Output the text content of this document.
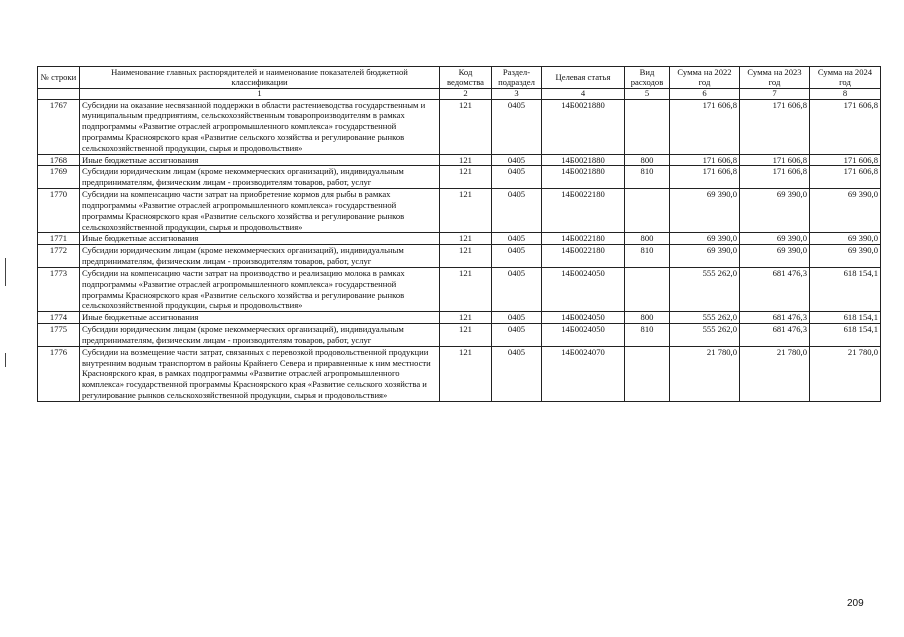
№ строки	Наименование главных распорядителей и наименование показателей бюджетной классификации	Код ведомства	Раздел-подраздел	Целевая статья	Вид расходов	Сумма на 2022 год	Сумма на 2023 год	Сумма на 2024 год
	1	2	3	4	5	6	7	8
1767	Субсидии на оказание несвязанной поддержки в области растениеводства государственным и муниципальным предприятиям, сельскохозяйственным товаропроизводителям в рамках подпрограммы «Развитие отраслей агропромышленного комплекса» государственной программы Красноярского края «Развитие сельского хозяйства и регулирование рынков сельскохозяйственной продукции, сырья и продовольствия»	121	0405	14Б0021880		171 606,8	171 606,8	171 606,8
1768	Иные бюджетные ассигнования	121	0405	14Б0021880	800	171 606,8	171 606,8	171 606,8
1769	Субсидии юридическим лицам (кроме некоммерческих организаций), индивидуальным предпринимателям, физическим лицам - производителям товаров, работ, услуг	121	0405	14Б0021880	810	171 606,8	171 606,8	171 606,8
1770	Субсидии на компенсацию части затрат на приобретение кормов для рыбы в рамках подпрограммы «Развитие отраслей агропромышленного комплекса» государственной программы Красноярского края «Развитие сельского хозяйства и регулирование рынков сельскохозяйственной продукции, сырья и продовольствия»	121	0405	14Б0022180		69 390,0	69 390,0	69 390,0
1771	Иные бюджетные ассигнования	121	0405	14Б0022180	800	69 390,0	69 390,0	69 390,0
1772	Субсидии юридическим лицам (кроме некоммерческих организаций), индивидуальным предпринимателям, физическим лицам - производителям товаров, работ, услуг	121	0405	14Б0022180	810	69 390,0	69 390,0	69 390,0
1773	Субсидии на компенсацию части затрат на производство и реализацию молока в рамках подпрограммы «Развитие отраслей агропромышленного комплекса» государственной программы Красноярского края «Развитие сельского хозяйства и регулирование рынков сельскохозяйственной продукции, сырья и продовольствия»	121	0405	14Б0024050		555 262,0	681 476,3	618 154,1
1774	Иные бюджетные ассигнования	121	0405	14Б0024050	800	555 262,0	681 476,3	618 154,1
1775	Субсидии юридическим лицам (кроме некоммерческих организаций), индивидуальным предпринимателям, физическим лицам - производителям товаров, работ, услуг	121	0405	14Б0024050	810	555 262,0	681 476,3	618 154,1
1776	Субсидии на возмещение части затрат, связанных с перевозкой продовольственной продукции внутренним водным транспортом в районы Крайнего Севера и приравненные к ним местности Красноярского края, в рамках подпрограммы «Развитие отраслей агропромышленного комплекса» государственной программы Красноярского края «Развитие сельского хозяйства и регулирование рынков сельскохозяйственной продукции, сырья и продовольствия»	121	0405	14Б0024070		21 780,0	21 780,0	21 780,0
209
